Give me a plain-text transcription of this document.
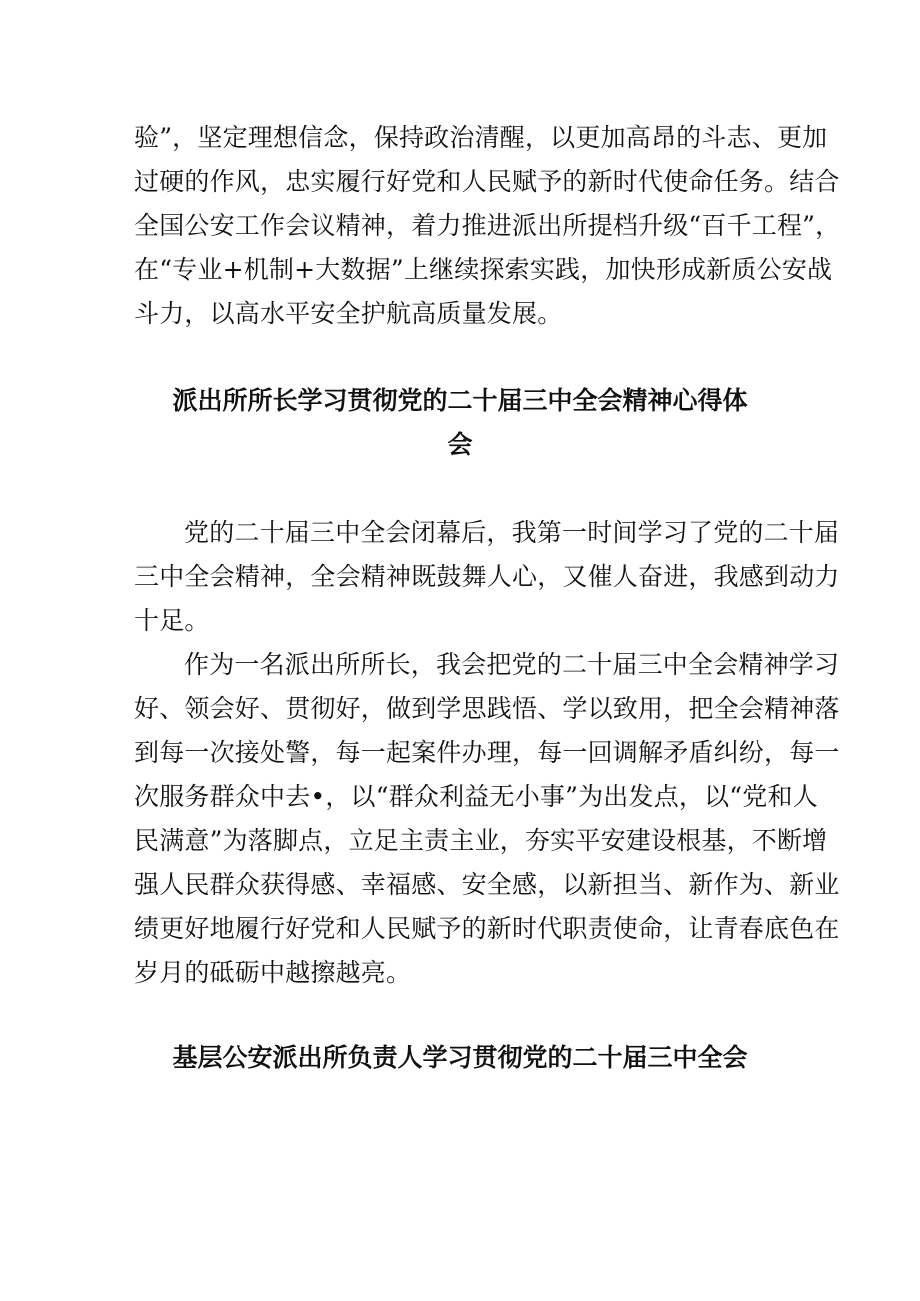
验”，坚定理想信念，保持政治清醒，以更加高昂的斗志、更加
过硬的作风，忠实履行好党和人民赋予的新时代使命任务。结合
全国公安工作会议精神，着力推进派出所提档升级“百千工程”，
在“专业+机制+大数据”上继续探索实践，加快形成新质公安战
斗力，以高水平安全护航高质量发展。
派出所所长学习贯彻党的二十届三中全会精神心得体
会
党的二十届三中全会闭幕后，我第一时间学习了党的二十届
三中全会精神，全会精神既鼓舞人心，又催人奋进，我感到动力
十足。
作为一名派出所所长，我会把党的二十届三中全会精神学习
好、领会好、贯彻好，做到学思践悟、学以致用，把全会精神落
到每一次接处警，每一起案件办理，每一回调解矛盾纠纷，每一
次服务群众中去•，以“群众利益无小事”为出发点，以“党和人
民满意”为落脚点，立足主责主业，夯实平安建设根基，不断增
强人民群众获得感、幸福感、安全感，以新担当、新作为、新业
绩更好地履行好党和人民赋予的新时代职责使命，让青春底色在
岁月的砥砺中越擦越亮。
基层公安派出所负责人学习贯彻党的二十届三中全会
